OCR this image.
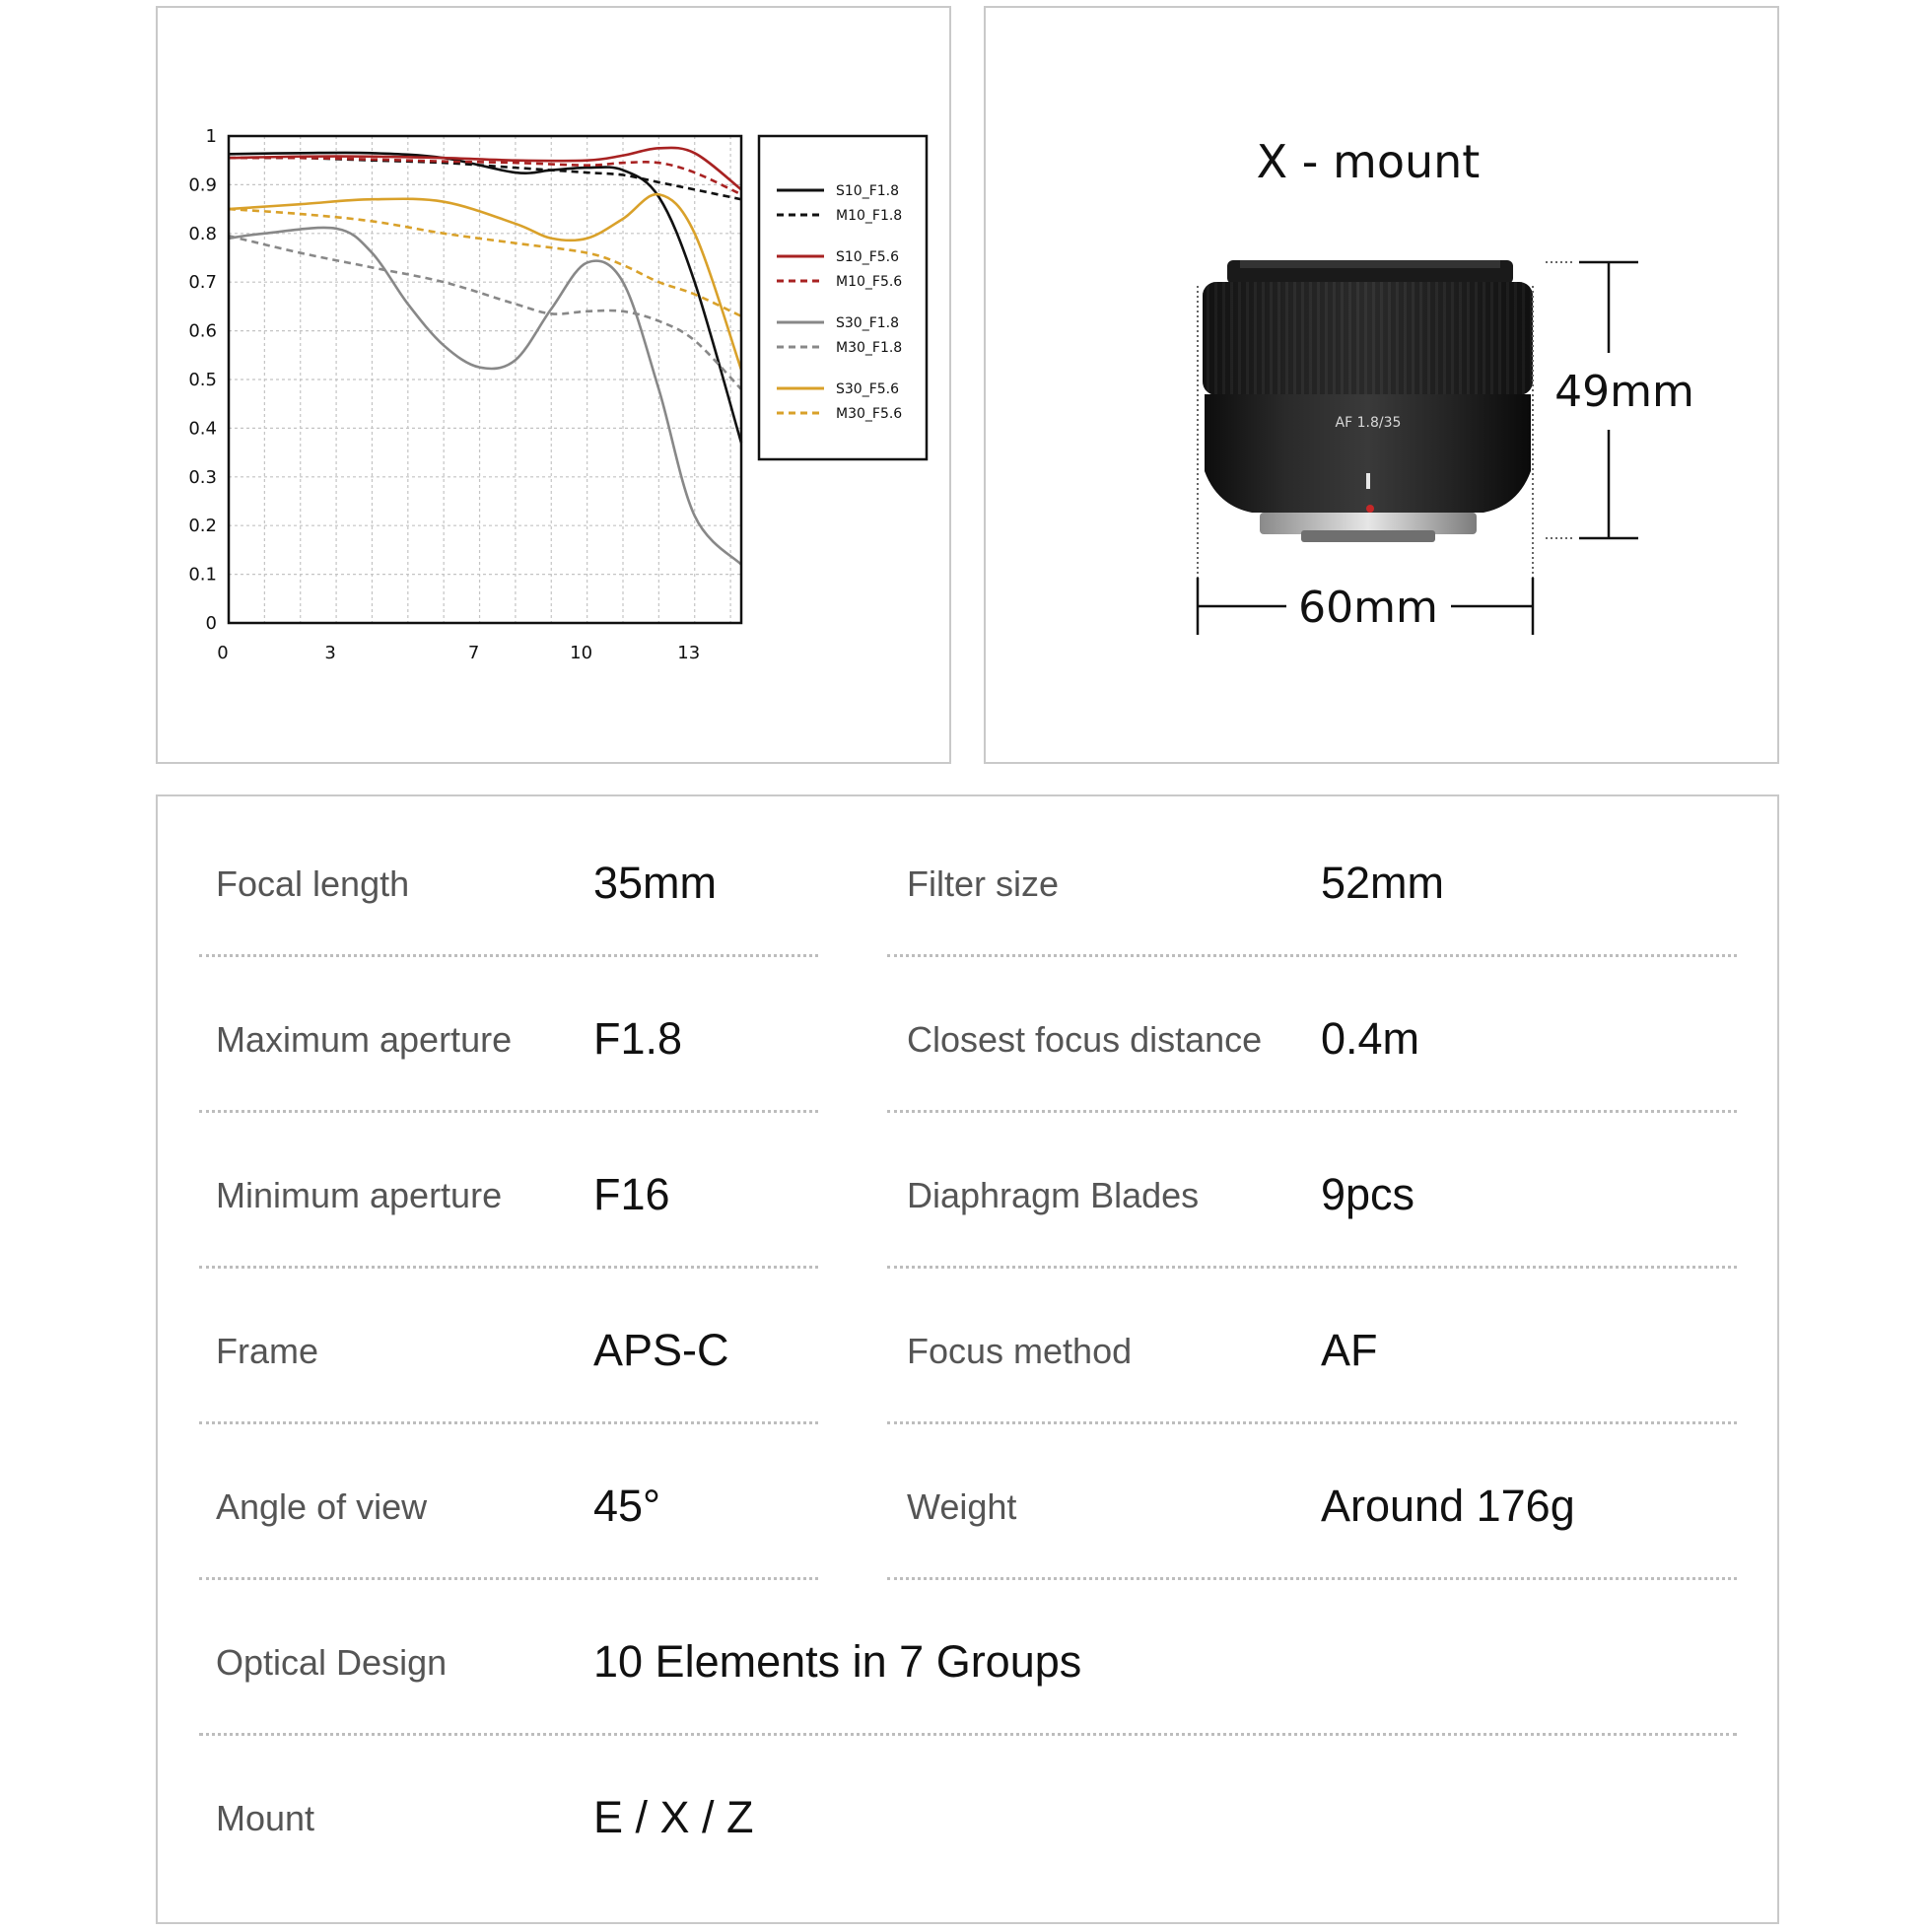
0
0.1
0.2
0.3
0.4
0.5
0.6
0.7
0.8
0.9
1
0	3	7	10	13
S10_F1.8
M10_F1.8
S10_F5.6
M10_F5.6
S30_F1.8
M30_F1.8
S30_F5.6
M30_F5.6
X - mount
AF 1.8/35
49mm
60mm
Focal length	35mm	Filter size	52mm
Maximum aperture F1.8	Closest focus distance 0.4m
Minimum aperture F16	Diaphragm Blades	9pcs
Frame	APS-C	Focus method	AF
Angle of view	45°	Weight	Around 176g
Optical Design	10 Elements in 7 Groups
Mount	E / X / Z
